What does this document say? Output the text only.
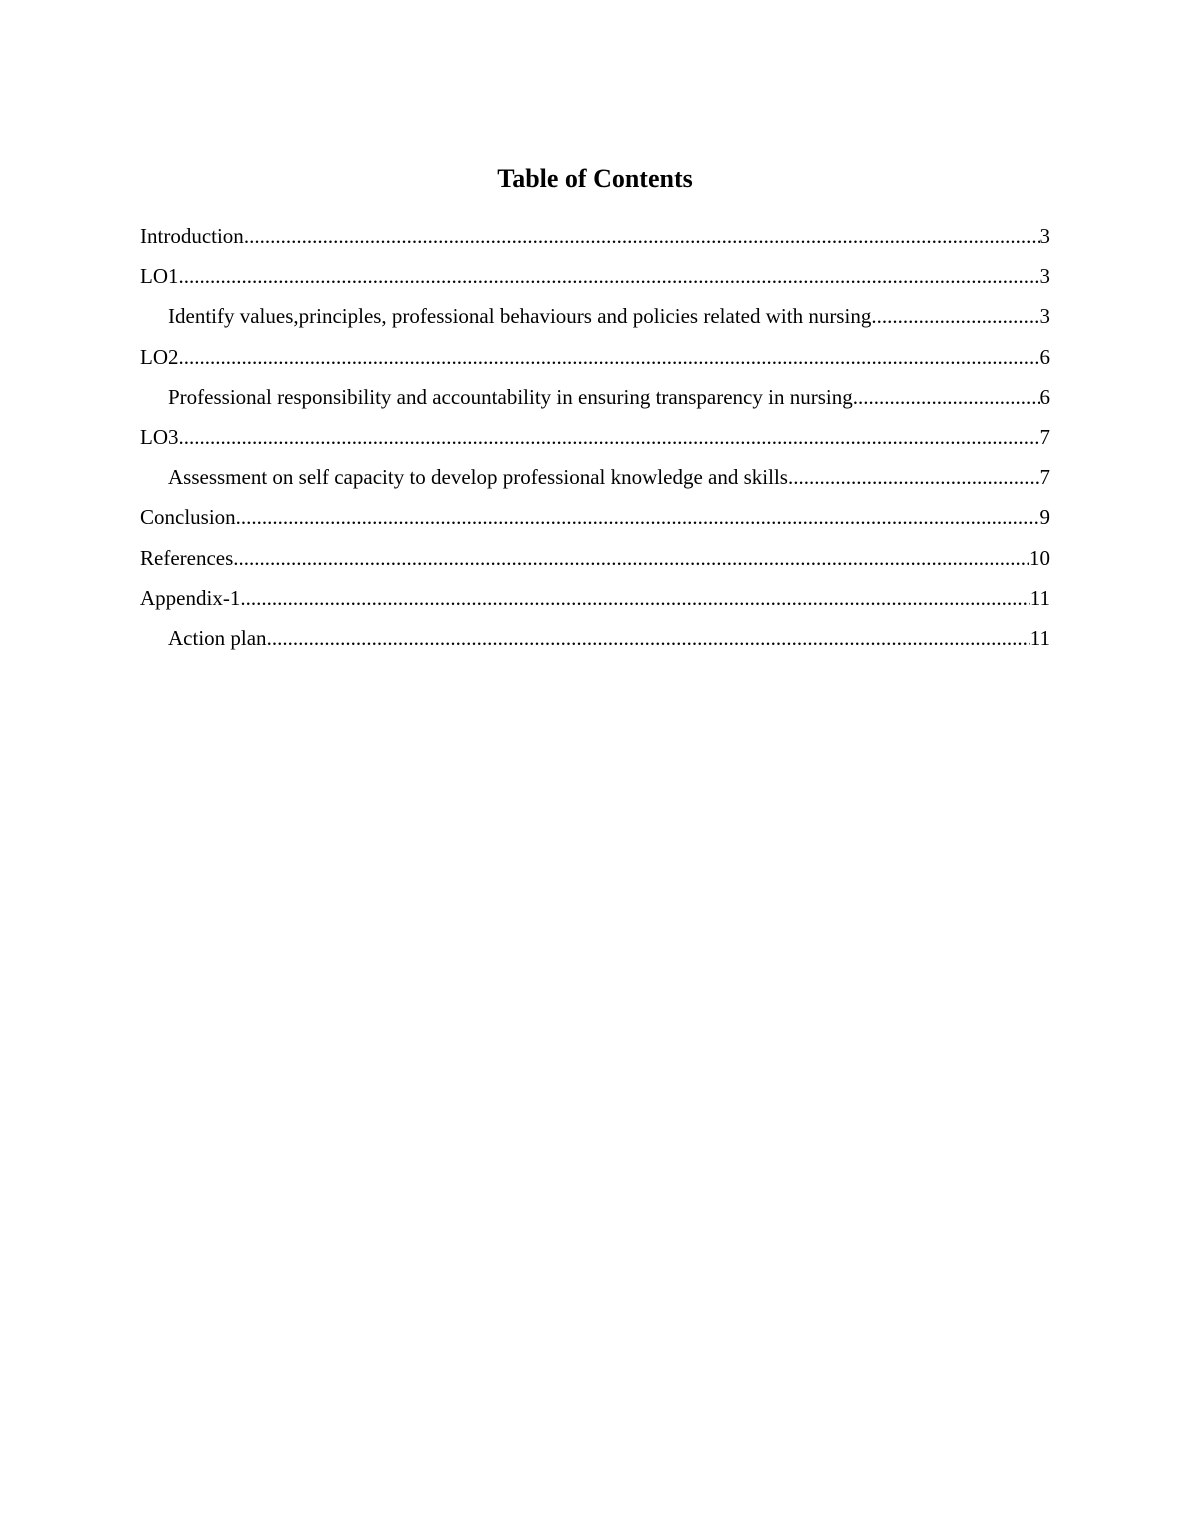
Table of Contents
Introduction .....	3
LO1 .....	3
Identify values,principles, professional behaviours and policies related with nursing .....	3
LO2 .....	6
Professional responsibility and accountability in ensuring transparency in nursing .....	6
LO3 .....	7
Assessment on self capacity to develop professional knowledge and skills .....	7
Conclusion .....	9
References .....	10
Appendix-1 .....	11
Action plan .....	11
